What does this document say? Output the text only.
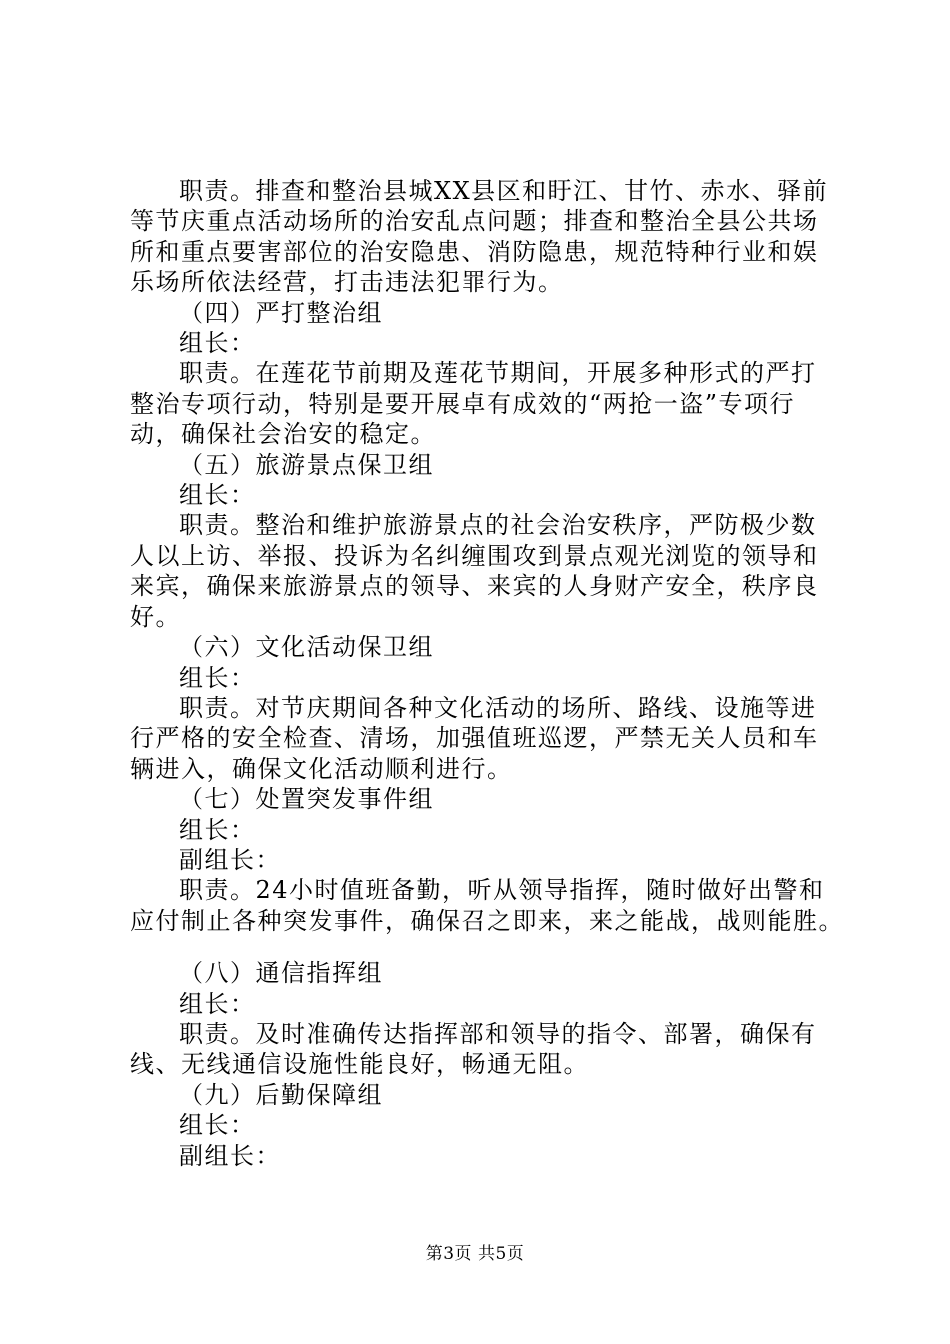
职责。排查和整治县城XX县区和盱江、甘竹、赤水、驿前
等节庆重点活动场所的治安乱点问题；排查和整治全县公共场
所和重点要害部位的治安隐患、消防隐患，规范特种行业和娱
乐场所依法经营，打击违法犯罪行为。
（四）严打整治组
组长：
职责。在莲花节前期及莲花节期间，开展多种形式的严打
整治专项行动，特别是要开展卓有成效的“两抢一盗”专项行
动，确保社会治安的稳定。
（五）旅游景点保卫组
组长：
职责。整治和维护旅游景点的社会治安秩序，严防极少数
人以上访、举报、投诉为名纠缠围攻到景点观光浏览的领导和
来宾，确保来旅游景点的领导、来宾的人身财产安全，秩序良
好。
（六）文化活动保卫组
组长：
职责。对节庆期间各种文化活动的场所、路线、设施等进
行严格的安全检查、清场，加强值班巡逻，严禁无关人员和车
辆进入，确保文化活动顺利进行。
（七）处置突发事件组
组长：
副组长：
职责。24小时值班备勤，听从领导指挥，随时做好出警和
应付制止各种突发事件，确保召之即来，来之能战，战则能胜。
（八）通信指挥组
组长：
职责。及时准确传达指挥部和领导的指令、部署，确保有
线、无线通信设施性能良好，畅通无阻。
（九）后勤保障组
组长：
副组长：
第3页 共5页
